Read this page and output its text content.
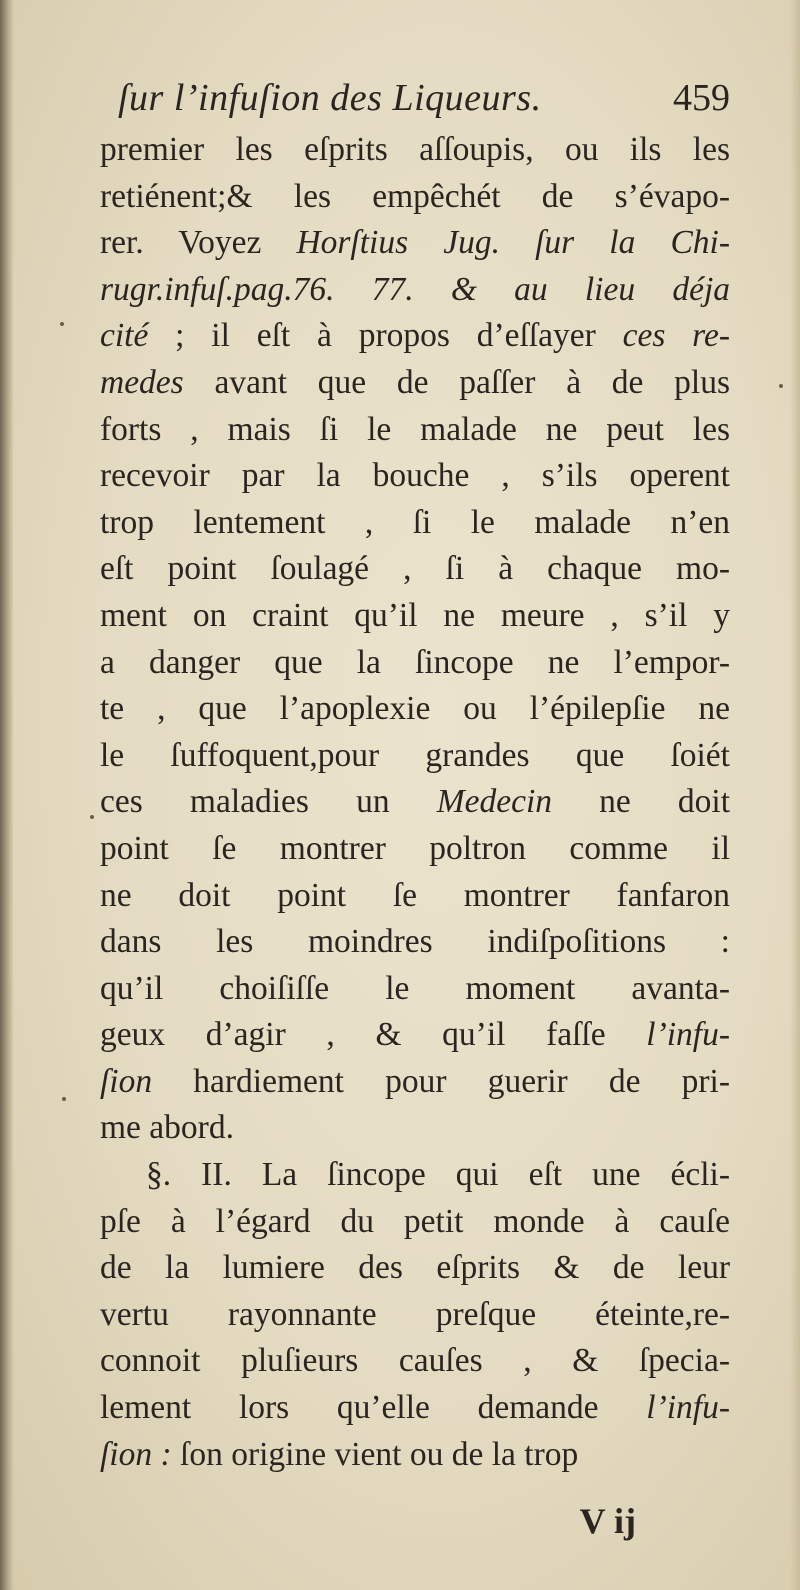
ſur l’infuſion des Liqueurs.	459
premier les eſprits aſſoupis, ou ils les
retiénent;& les empêchét de s’évapo-
rer. Voyez Horſtius Jug. ſur la Chi-
rugr.infuſ.pag.76. 77. & au lieu déja
cité ; il eſt à propos d’eſſayer ces re-
medes avant que de paſſer à de plus
forts , mais ſi le malade ne peut les
recevoir par la bouche , s’ils operent
trop lentement , ſi le malade n’en
eſt point ſoulagé , ſi à chaque mo-
ment on craint qu’il ne meure , s’il y
a danger que la ſincope ne l’empor-
te , que l’apoplexie ou l’épilepſie ne
le ſuffoquent,pour grandes que ſoiét
ces maladies un Medecin ne doit
point ſe montrer poltron comme il
ne doit point ſe montrer fanfaron
dans les moindres indiſpoſitions :
qu’il choiſiſſe le moment avanta-
geux d’agir , & qu’il faſſe l’infu-
ſion hardiement pour guerir de pri-
me abord.
§. II. La ſincope qui eſt une écli-
pſe à l’égard du petit monde à cauſe
de la lumiere des eſprits & de leur
vertu rayonnante preſque éteinte,re-
connoit pluſieurs cauſes , & ſpecia-
lement lors qu’elle demande l’infu-
ſion : ſon origine vient ou de la trop
V ij
